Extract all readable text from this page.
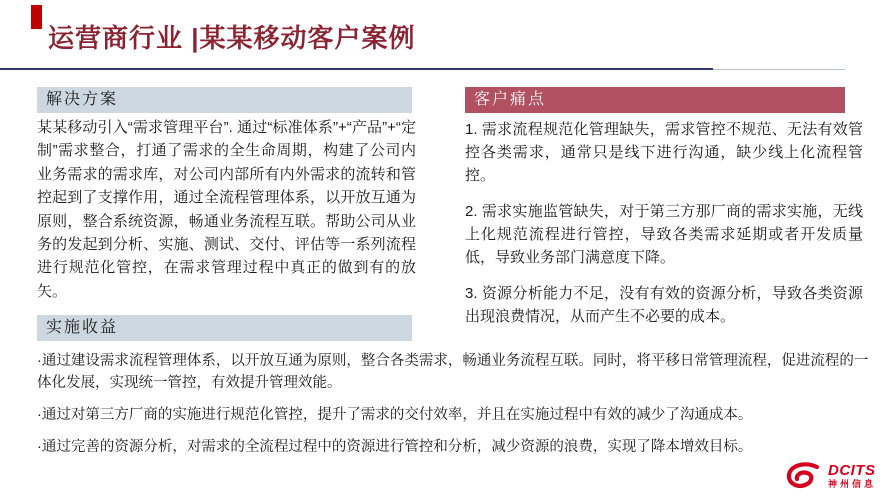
运营商行业 |某某移动客户案例
解决方案
某某移动引入“需求管理平台”. 通过“标准体系”+“产品”+“定制”需求整合，打通了需求的全生命周期，构建了公司内业务需求的需求库，对公司内部所有内外需求的流转和管控起到了支撑作用，通过全流程管理体系，以开放互通为原则，整合系统资源，畅通业务流程互联。帮助公司从业务的发起到分析、实施、测试、交付、评估等一系列流程进行规范化管控，在需求管理过程中真正的做到有的放矢。
客户痛点

1. 需求流程规范化管理缺失，需求管控不规范、无法有效管控各类需求，通常只是线下进行沟通，缺少线上化流程管控。

2. 需求实施监管缺失，对于第三方那厂商的需求实施，无线上化规范流程进行管控，导致各类需求延期或者开发质量低，导致业务部门满意度下降。

3. 资源分析能力不足，没有有效的资源分析，导致各类资源出现浪费情况，从而产生不必要的成本。

实施收益

·通过建设需求流程管理体系，以开放互通为原则，整合各类需求，畅通业务流程互联。同时，将平移日常管理流程，促进流程的一体化发展，实现统一管控，有效提升管理效能。

·通过对第三方厂商的实施进行规范化管控，提升了需求的交付效率，并且在实施过程中有效的减少了沟通成本。

·通过完善的资源分析，对需求的全流程过程中的资源进行管控和分析，减少资源的浪费，实现了降本增效目标。

DCITS
神州信息
